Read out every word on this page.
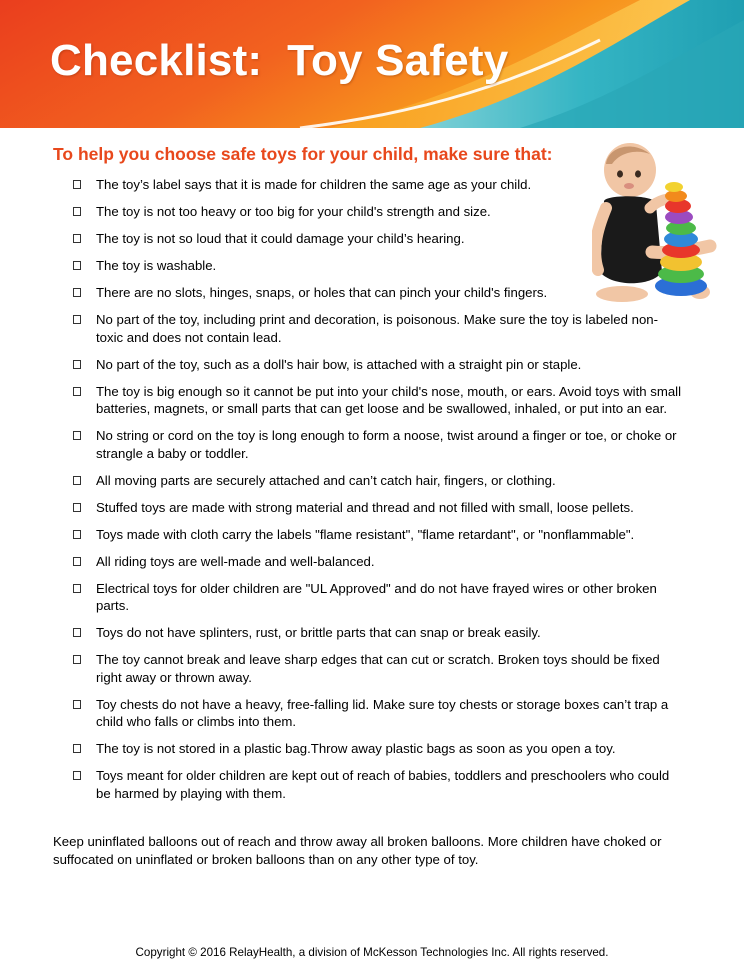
Checklist:  Toy Safety
To help you choose safe toys for your child, make sure that:
The toy’s label says that it is made for children the same age as your child.
The toy is not too heavy or too big for your child's strength and size.
The toy is not so loud that it could damage your child’s hearing.
The toy is washable.
There are no slots, hinges, snaps, or holes that can pinch your child's fingers.
No part of the toy, including print and decoration, is poisonous. Make sure the toy is labeled non-toxic and does not contain lead.
No part of the toy, such as a doll's hair bow, is attached with a straight pin or staple.
The toy is big enough so it cannot be put into your child's nose, mouth, or ears. Avoid toys with small batteries, magnets, or small parts that can get loose and be swallowed, inhaled, or put into an ear.
No string or cord on the toy is long enough to form a noose, twist around a finger or toe, or choke or strangle a baby or toddler.
All moving parts are securely attached and can’t catch hair, fingers, or clothing.
Stuffed toys are made with strong material and thread and not filled with small, loose pellets.
Toys made with cloth carry the labels "flame resistant", "flame retardant", or "nonflammable".
All riding toys are well-made and well-balanced.
Electrical toys for older children are "UL Approved" and do not have frayed wires or other broken parts.
Toys do not have splinters, rust, or brittle parts that can snap or break easily.
The toy cannot break and leave sharp edges that can cut or scratch. Broken toys should be fixed right away or thrown away.
Toy chests do not have a heavy, free-falling lid. Make sure toy chests or storage boxes can’t trap a child who falls or climbs into them.
The toy is not stored in a plastic bag.Throw away plastic bags as soon as you open a toy.
Toys meant for older children are kept out of reach of babies, toddlers and preschoolers who could be harmed by playing with them.

Keep uninflated balloons out of reach and throw away all broken balloons. More children have choked or suffocated on uninflated or broken balloons than on any other type of toy.

Copyright © 2016 RelayHealth, a division of McKesson Technologies Inc. All rights reserved.
